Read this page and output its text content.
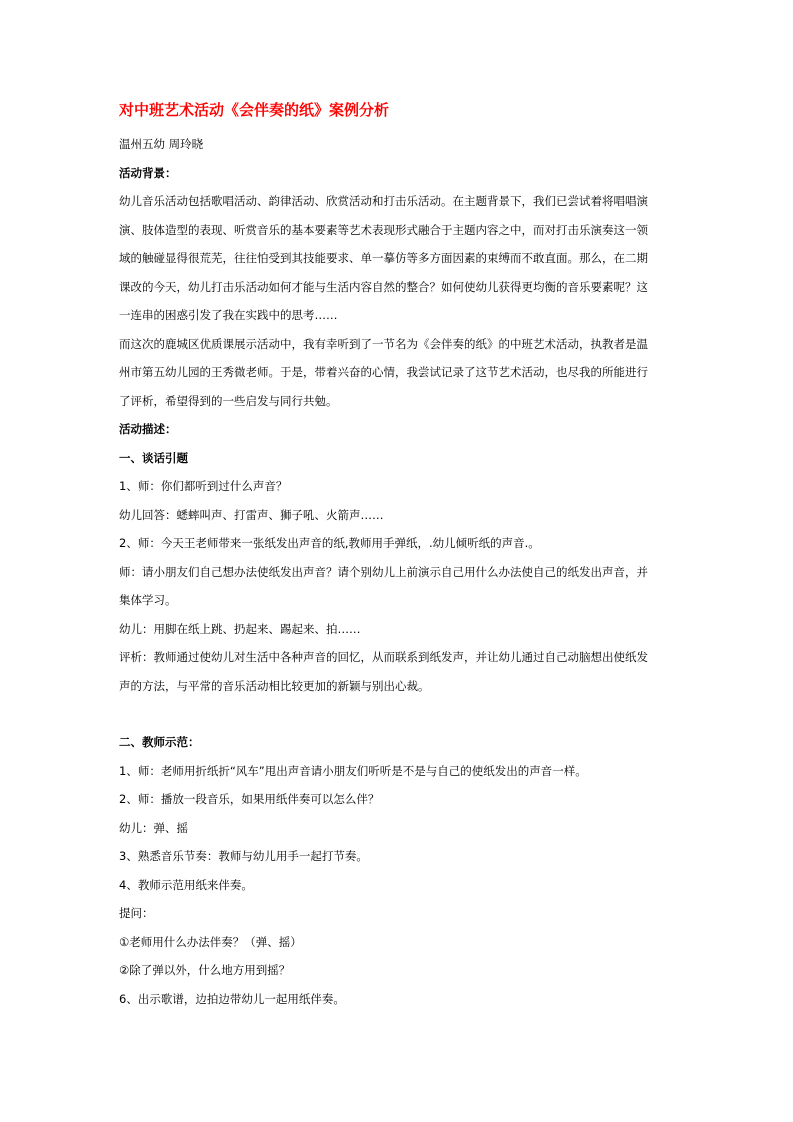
对中班艺术活动《会伴奏的纸》案例分析

温州五幼 周玲晓

活动背景：

幼儿音乐活动包括歌唱活动、韵律活动、欣赏活动和打击乐活动。在主题背景下，我们已尝试着将唱唱演
演、肢体造型的表现、听赏音乐的基本要素等艺术表现形式融合于主题内容之中，而对打击乐演奏这一领
域的触碰显得很荒芜，往往怕受到其技能要求、单一摹仿等多方面因素的束缚而不敢直面。那么，在二期
课改的今天，幼儿打击乐活动如何才能与生活内容自然的整合？如何使幼儿获得更均衡的音乐要素呢？这
一连串的困惑引发了我在实践中的思考……

而这次的鹿城区优质课展示活动中，我有幸听到了一节名为《会伴奏的纸》的中班艺术活动，执教者是温
州市第五幼儿园的王秀微老师。于是，带着兴奋的心情，我尝试记录了这节艺术活动，也尽我的所能进行
了评析，希望得到的一些启发与同行共勉。

活动描述：

一、谈话引题

1、师：你们都听到过什么声音？

幼儿回答：蟋蟀叫声、打雷声、狮子吼、火箭声……

2、师：今天王老师带来一张纸发出声音的纸,教师用手弹纸，.幼儿倾听纸的声音.。

师：请小朋友们自己想办法使纸发出声音？请个别幼儿上前演示自己用什么办法使自己的纸发出声音，并
集体学习。

幼儿：用脚在纸上跳、扔起来、踢起来、拍……

评析：教师通过使幼儿对生活中各种声音的回忆，从而联系到纸发声，并让幼儿通过自己动脑想出使纸发
声的方法，与平常的音乐活动相比较更加的新颖与别出心裁。

二、教师示范：

1、师：老师用折纸折“风车”甩出声音请小朋友们听听是不是与自己的使纸发出的声音一样。

2、师：播放一段音乐，如果用纸伴奏可以怎么伴？

幼儿：弹、摇

3、熟悉音乐节奏：教师与幼儿用手一起打节奏。

4、教师示范用纸来伴奏。

提问：

①老师用什么办法伴奏？（弹、摇）

②除了弹以外，什么地方用到摇？

6、出示歌谱，边拍边带幼儿一起用纸伴奏。
